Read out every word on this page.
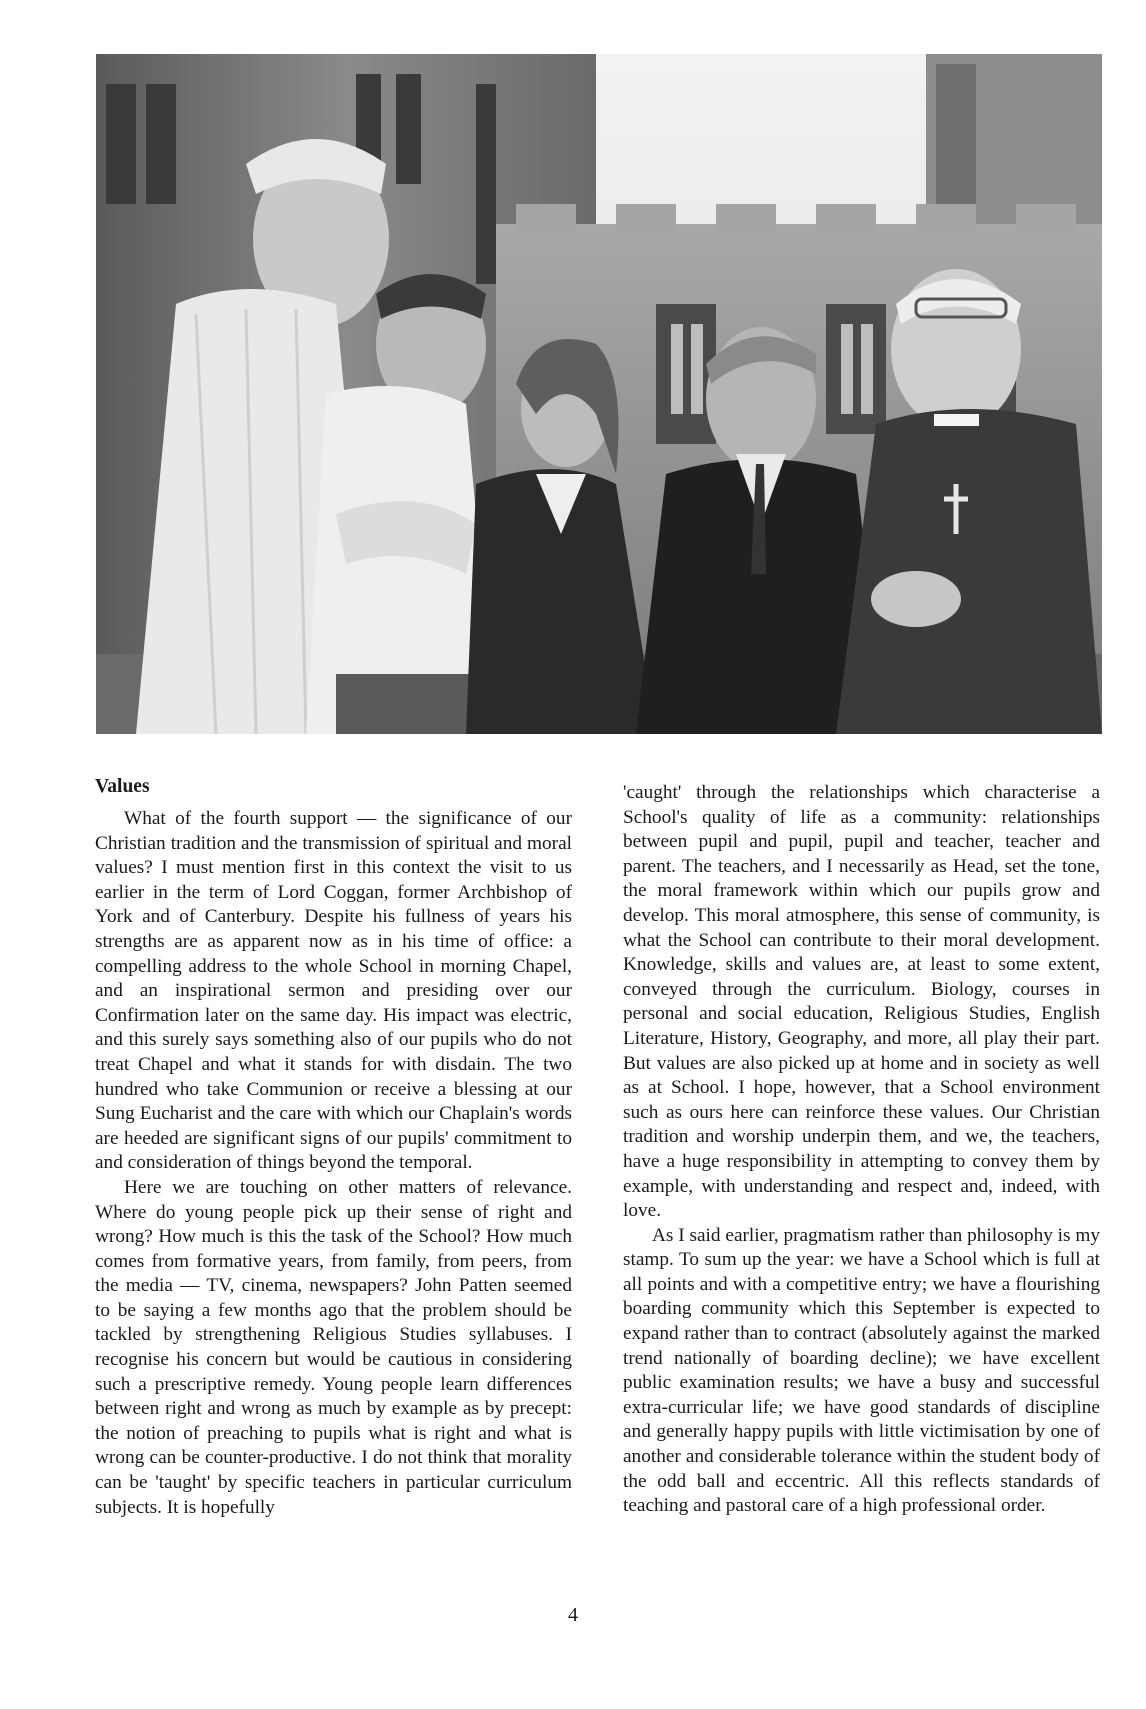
Values

What of the fourth support — the significance of our Christian tradition and the transmission of spiritual and moral values? I must mention first in this context the visit to us earlier in the term of Lord Coggan, former Archbishop of York and of Canterbury. Despite his fullness of years his strengths are as apparent now as in his time of office: a compelling address to the whole School in morning Chapel, and an inspirational sermon and presiding over our Confirmation later on the same day. His impact was electric, and this surely says something also of our pupils who do not treat Chapel and what it stands for with disdain. The two hundred who take Communion or receive a blessing at our Sung Eucharist and the care with which our Chaplain's words are heeded are significant signs of our pupils' commitment to and consideration of things beyond the temporal.

Here we are touching on other matters of relevance. Where do young people pick up their sense of right and wrong? How much is this the task of the School? How much comes from formative years, from family, from peers, from the media — TV, cinema, newspapers? John Patten seemed to be saying a few months ago that the problem should be tackled by strengthening Religious Studies syllabuses. I recognise his concern but would be cautious in considering such a prescriptive remedy. Young people learn differences between right and wrong as much by example as by precept: the notion of preaching to pupils what is right and what is wrong can be counter-productive. I do not think that morality can be 'taught' by specific teachers in particular curriculum subjects. It is hopefully

'caught' through the relationships which characterise a School's quality of life as a community: relationships between pupil and pupil, pupil and teacher, teacher and parent. The teachers, and I necessarily as Head, set the tone, the moral framework within which our pupils grow and develop. This moral atmosphere, this sense of community, is what the School can contribute to their moral development. Knowledge, skills and values are, at least to some extent, conveyed through the curriculum. Biology, courses in personal and social education, Religious Studies, English Literature, History, Geography, and more, all play their part. But values are also picked up at home and in society as well as at School. I hope, however, that a School environment such as ours here can reinforce these values. Our Christian tradition and worship underpin them, and we, the teachers, have a huge responsibility in attempting to convey them by example, with understanding and respect and, indeed, with love.

As I said earlier, pragmatism rather than philosophy is my stamp. To sum up the year: we have a School which is full at all points and with a competitive entry; we have a flourishing boarding community which this September is expected to expand rather than to contract (absolutely against the marked trend nationally of boarding decline); we have excellent public examination results; we have a busy and successful extra-curricular life; we have good standards of discipline and generally happy pupils with little victimisation by one of another and considerable tolerance within the student body of the odd ball and eccentric. All this reflects standards of teaching and pastoral care of a high professional order.

4
